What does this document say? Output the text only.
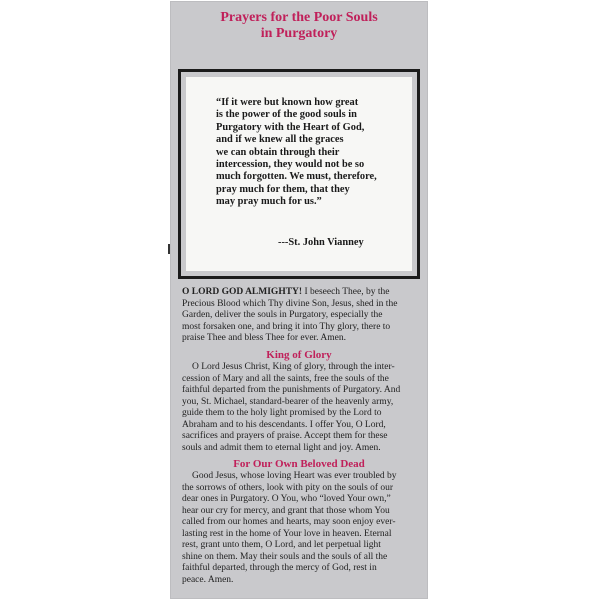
Prayers for the Poor Souls
in Purgatory
“If it were but known how great
is the power of the good souls in
Purgatory with the Heart of God,
and if we knew all the graces
we can obtain through their
intercession, they would not be so
much forgotten. We must, therefore,
pray much for them, that they
may pray much for us.”
---St. John Vianney
O LORD GOD ALMIGHTY! I beseech Thee, by the
Precious Blood which Thy divine Son, Jesus, shed in the
Garden, deliver the souls in Purgatory, especially the
most forsaken one, and bring it into Thy glory, there to
praise Thee and bless Thee for ever. Amen.
King of Glory
O Lord Jesus Christ, King of glory, through the inter-
cession of Mary and all the saints, free the souls of the
faithful departed from the punishments of Purgatory. And
you, St. Michael, standard-bearer of the heavenly army,
guide them to the holy light promised by the Lord to
Abraham and to his descendants. I offer You, O Lord,
sacrifices and prayers of praise. Accept them for these
souls and admit them to eternal light and joy. Amen.
For Our Own Beloved Dead
Good Jesus, whose loving Heart was ever troubled by
the sorrows of others, look with pity on the souls of our
dear ones in Purgatory. O You, who “loved Your own,”
hear our cry for mercy, and grant that those whom You
called from our homes and hearts, may soon enjoy ever-
lasting rest in the home of Your love in heaven. Eternal
rest, grant unto them, O Lord, and let perpetual light
shine on them. May their souls and the souls of all the
faithful departed, through the mercy of God, rest in
peace. Amen.
